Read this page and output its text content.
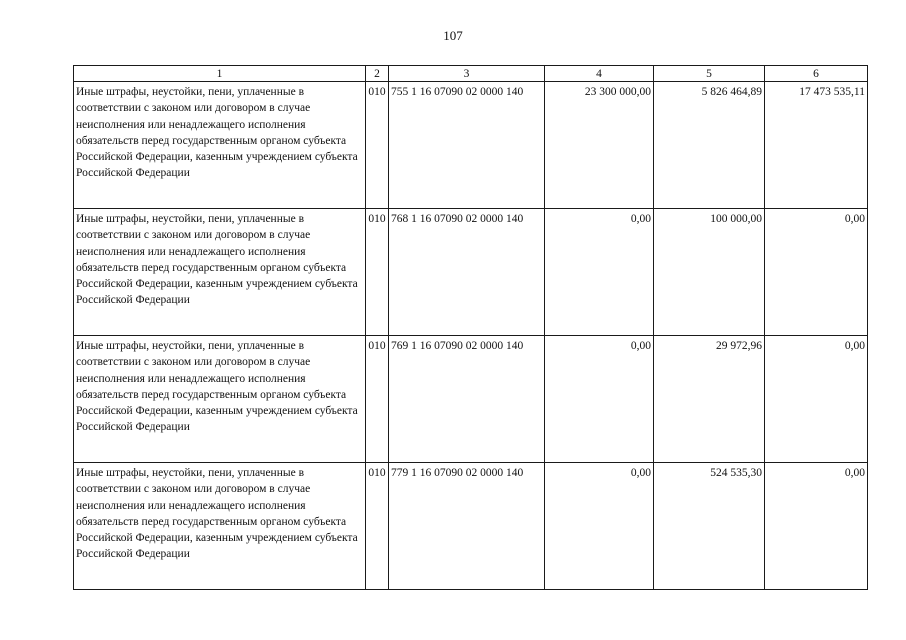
107
1	2	3	4	5	6
Иные штрафы, неустойки, пени, уплаченные в соответствии с законом или договором в случае неисполнения или ненадлежащего исполнения обязательств перед государственным органом субъекта Российской Федерации, казенным учреждением субъекта Российской Федерации	010	755 1 16 07090 02 0000 140	23 300 000,00	5 826 464,89	17 473 535,11
Иные штрафы, неустойки, пени, уплаченные в соответствии с законом или договором в случае неисполнения или ненадлежащего исполнения обязательств перед государственным органом субъекта Российской Федерации, казенным учреждением субъекта Российской Федерации	010	768 1 16 07090 02 0000 140	0,00	100 000,00	0,00
Иные штрафы, неустойки, пени, уплаченные в соответствии с законом или договором в случае неисполнения или ненадлежащего исполнения обязательств перед государственным органом субъекта Российской Федерации, казенным учреждением субъекта Российской Федерации	010	769 1 16 07090 02 0000 140	0,00	29 972,96	0,00
Иные штрафы, неустойки, пени, уплаченные в соответствии с законом или договором в случае неисполнения или ненадлежащего исполнения обязательств перед государственным органом субъекта Российской Федерации, казенным учреждением субъекта Российской Федерации	010	779 1 16 07090 02 0000 140	0,00	524 535,30	0,00
